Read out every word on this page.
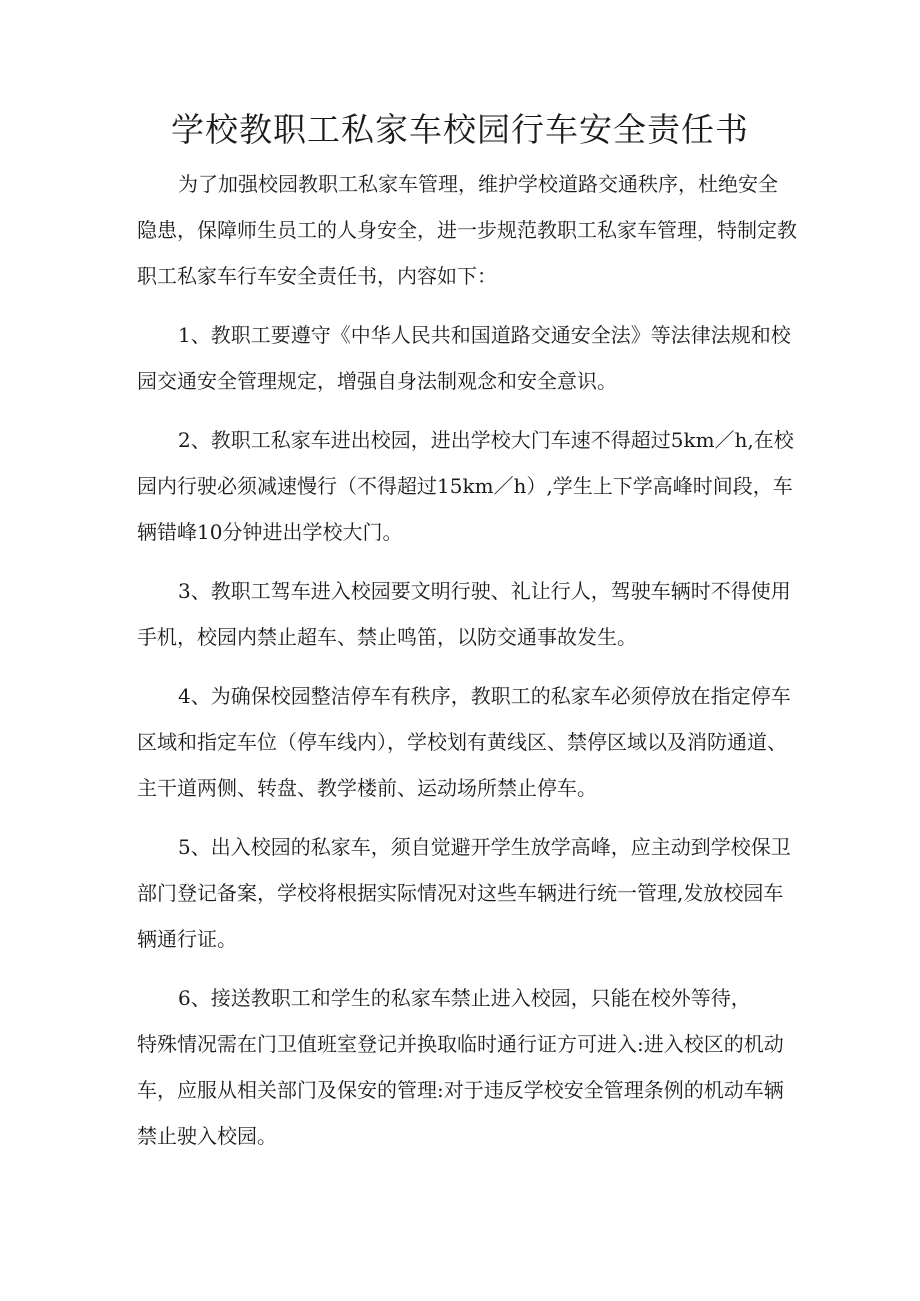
学校教职工私家车校园行车安全责任书

为了加强校园教职工私家车管理，维护学校道路交通秩序，杜绝安全隐患，保障师生员工的人身安全，进一步规范教职工私家车管理，特制定教职工私家车行车安全责任书，内容如下：

1、教职工要遵守《中华人民共和国道路交通安全法》等法律法规和校园交通安全管理规定，增强自身法制观念和安全意识。

2、教职工私家车进出校园，进出学校大门车速不得超过5km／h,在校园内行驶必须减速慢行（不得超过15km／h）,学生上下学高峰时间段，车辆错峰10分钟进出学校大门。

3、教职工驾车进入校园要文明行驶、礼让行人，驾驶车辆时不得使用手机，校园内禁止超车、禁止鸣笛，以防交通事故发生。

4、为确保校园整洁停车有秩序，教职工的私家车必须停放在指定停车区域和指定车位（停车线内），学校划有黄线区、禁停区域以及消防通道、主干道两侧、转盘、教学楼前、运动场所禁止停车。

5、出入校园的私家车，须自觉避开学生放学高峰，应主动到学校保卫部门登记备案，学校将根据实际情况对这些车辆进行统一管理,发放校园车辆通行证。

6、接送教职工和学生的私家车禁止进入校园，只能在校外等待，
特殊情况需在门卫值班室登记并换取临时通行证方可进入:进入校区的机动车，应服从相关部门及保安的管理:对于违反学校安全管理条例的机动车辆禁止驶入校园。
